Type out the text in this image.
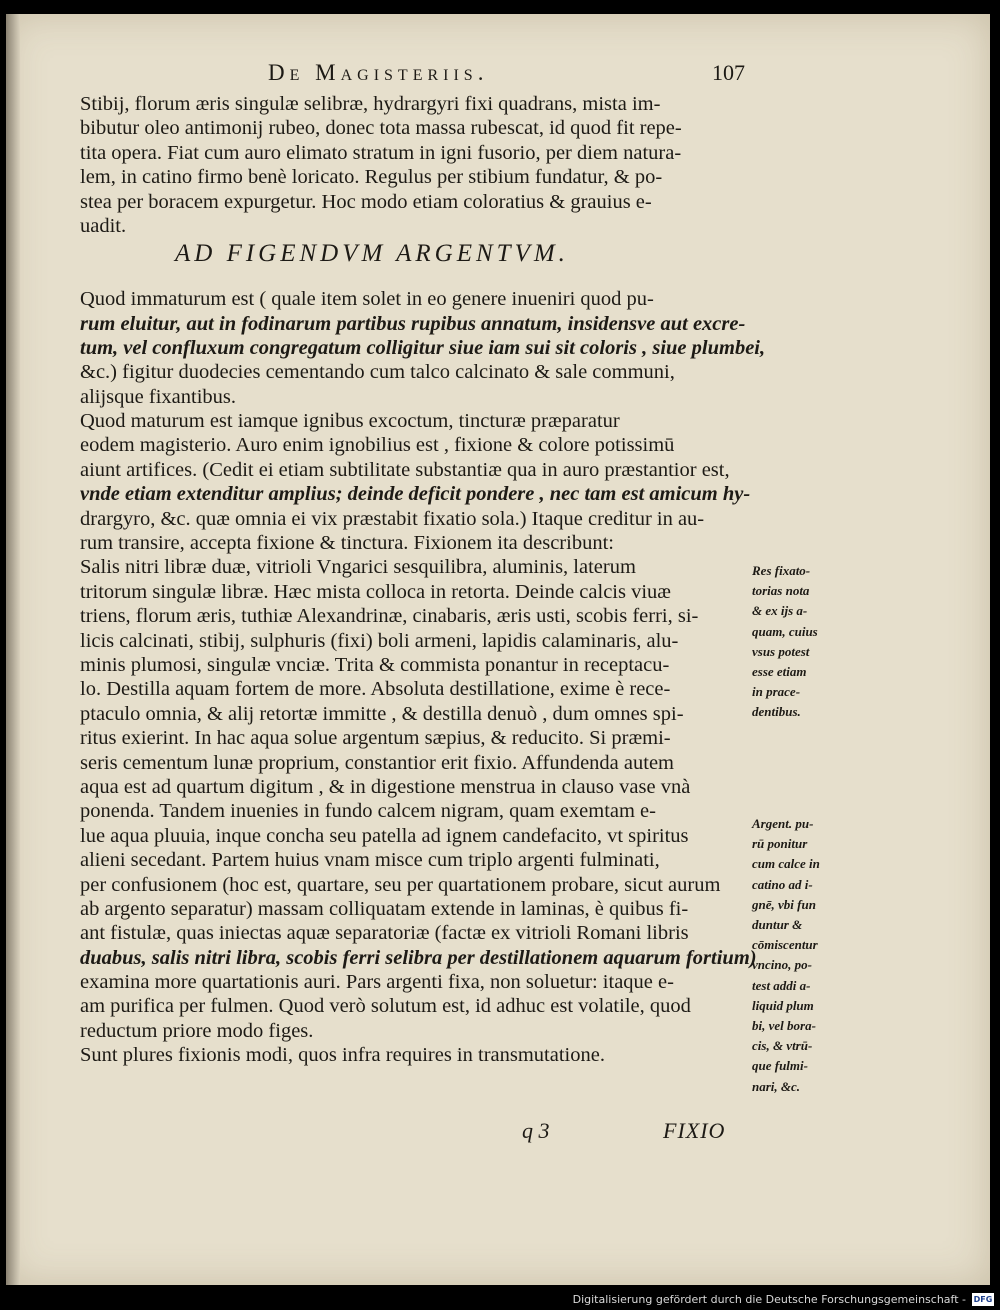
De Magisteriis.	107
Stibij, florum æris singulæ selibræ, hydrargyri fixi quadrans, mista im-
bibutur oleo antimonij rubeo, donec tota massa rubescat, id quod fit repe-
tita opera. Fiat cum auro elimato stratum in igni fusorio, per diem natura-
lem, in catino firmo benè loricato. Regulus per stibium fundatur, & po-
stea per boracem expurgetur. Hoc modo etiam coloratius & grauius e-
uadit.
Quod immaturum est ( quale item solet in eo genere inueniri quod pu-
rum eluitur, aut in fodinarum partibus rupibus annatum, insidensve aut excre-
tum, vel confluxum congregatum colligitur siue iam sui sit coloris , siue plumbei,
&c.) figitur duodecies cementando cum talco calcinato & sale communi,
alijsque fixantibus.
Quod maturum est iamque ignibus excoctum, tincturæ præparatur
eodem magisterio. Auro enim ignobilius est , fixione & colore potissimū
aiunt artifices. (Cedit ei etiam subtilitate substantiæ qua in auro præstantior est,
vnde etiam extenditur amplius; deinde deficit pondere , nec tam est amicum hy-
drargyro, &c. quæ omnia ei vix præstabit fixatio sola.) Itaque creditur in au-
rum transire, accepta fixione & tinctura. Fixionem ita describunt:
Salis nitri libræ duæ, vitrioli Vngarici sesquilibra, aluminis, laterum
tritorum singulæ libræ. Hæc mista colloca in retorta. Deinde calcis viuæ
triens, florum æris, tuthiæ Alexandrinæ, cinabaris, æris usti, scobis ferri, si-
licis calcinati, stibij, sulphuris (fixi) boli armeni, lapidis calaminaris, alu-
minis plumosi, singulæ vnciæ. Trita & commista ponantur in receptacu-
lo. Destilla aquam fortem de more. Absoluta destillatione, exime è rece-
ptaculo omnia, & alij retortæ immitte , & destilla denuò , dum omnes spi-
ritus exierint. In hac aqua solue argentum sæpius, & reducito. Si præmi-
seris cementum lunæ proprium, constantior erit fixio. Affundenda autem
aqua est ad quartum digitum , & in digestione menstrua in clauso vase vnà
ponenda. Tandem inuenies in fundo calcem nigram, quam exemtam e-
lue aqua pluuia, inque concha seu patella ad ignem candefacito, vt spiritus
alieni secedant. Partem huius vnam misce cum triplo argenti fulminati,
per confusionem (hoc est, quartare, seu per quartationem probare, sicut aurum
ab argento separatur) massam colliquatam extende in laminas, è quibus fi-
ant fistulæ, quas iniectas aquæ separatoriæ (factæ ex vitrioli Romani libris
duabus, salis nitri libra, scobis ferri selibra per destillationem aquarum fortium)
examina more quartationis auri. Pars argenti fixa, non soluetur: itaque e-
am purifica per fulmen. Quod verò solutum est, id adhuc est volatile, quod
reductum priore modo figes.
Sunt plures fixionis modi, quos infra requires in transmutatione.
AD FIGENDVM ARGENTVM.
Res fixato-
torias nota
& ex ijs a-
quam, cuius
vsus potest
esse etiam
in prace-
dentibus.
Argent. pu-
rū ponitur
cum calce in
catino ad i-
gnē, vbi fun
duntur &
cōmiscentur
vncino, po-
test addi a-
liquid plum
bi, vel bora-
cis, & vtrū-
que fulmi-
nari, &c.
q 3	FIXIO
Digitalisierung gefördert durch die Deutsche Forschungsgemeinschaft - DFG
